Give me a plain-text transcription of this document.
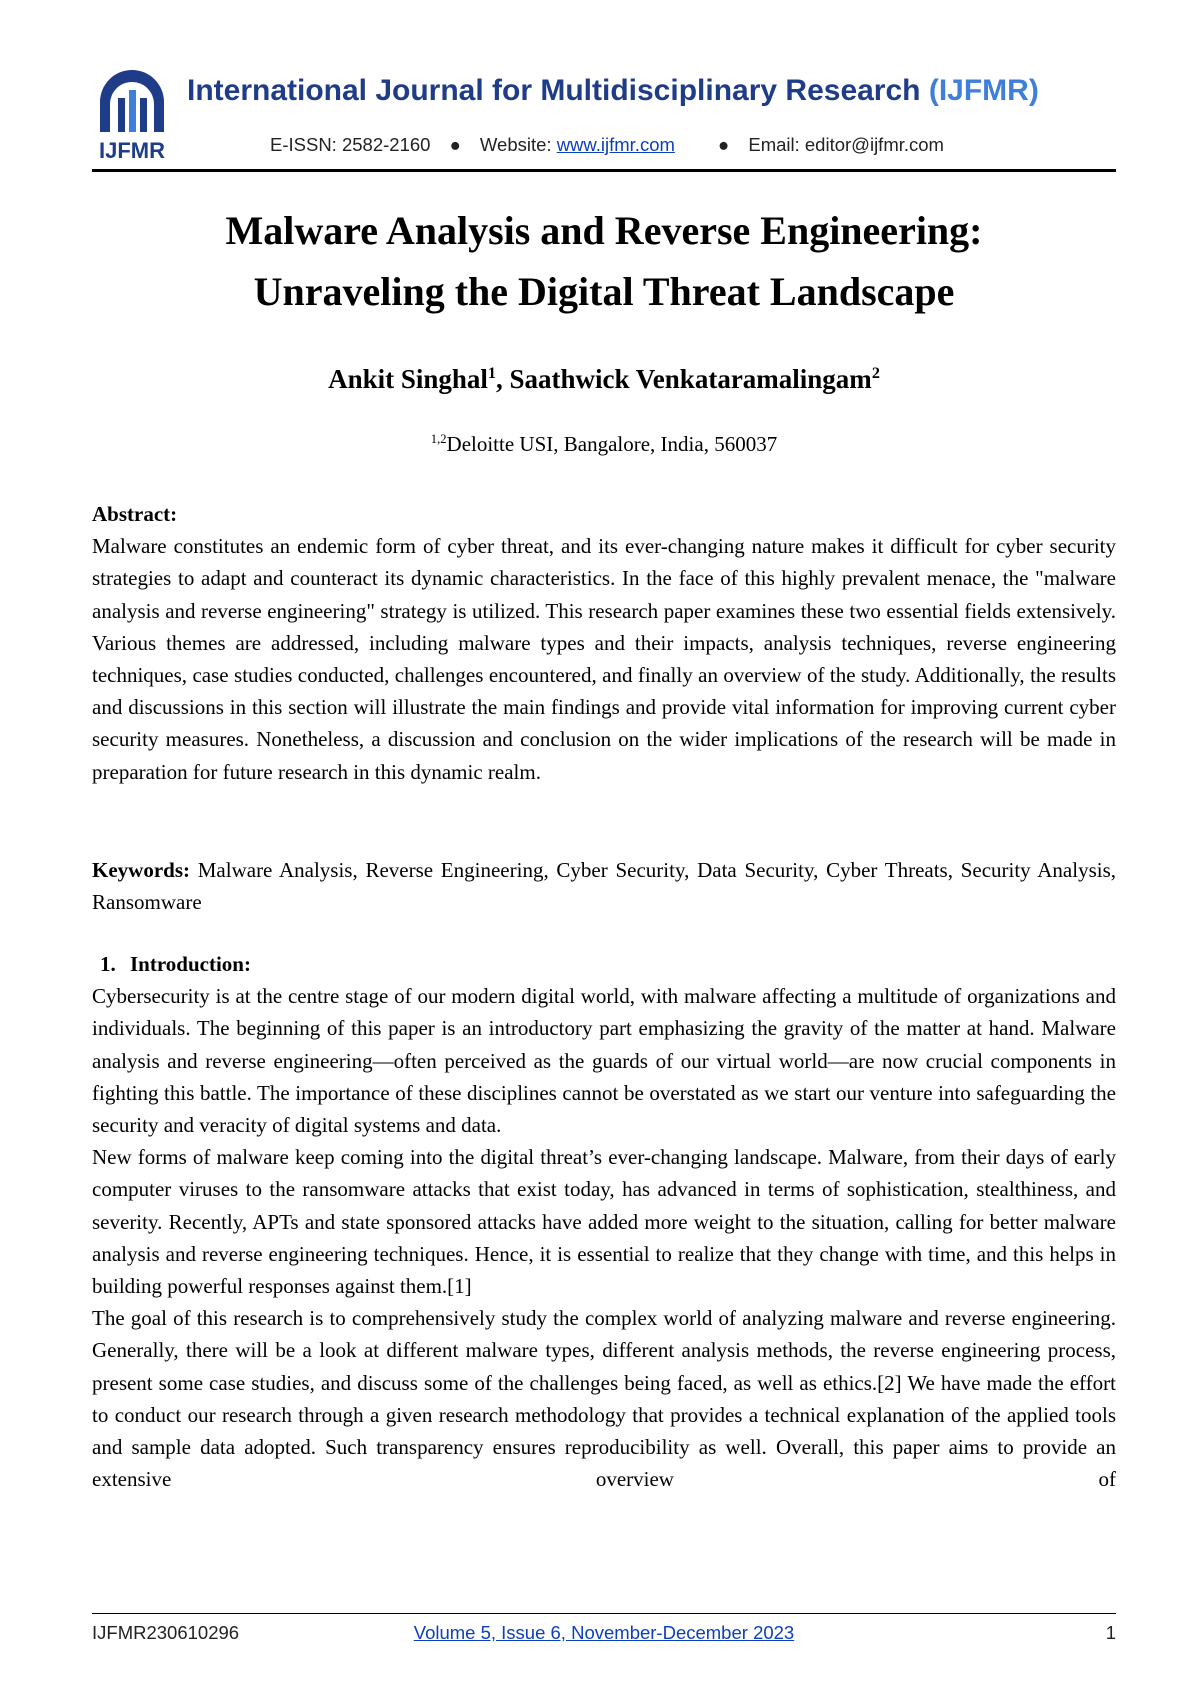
IJFMR
International Journal for Multidisciplinary Research (IJFMR)
E-ISSN: 2582-2160 ● Website: www.ijfmr.com ● Email: editor@ijfmr.com
Malware Analysis and Reverse Engineering:
Unraveling the Digital Threat Landscape
Ankit Singhal$^1$, Saathwick Venkataramalingam$^2$
$^{1,2}$Deloitte USI, Bangalore, India, 560037
Abstract:

Malware constitutes an endemic form of cyber threat, and its ever-changing nature makes it difficult for cyber security strategies to adapt and counteract its dynamic characteristics. In the face of this highly prevalent menace, the "malware analysis and reverse engineering" strategy is utilized. This research paper examines these two essential fields extensively. Various themes are addressed, including malware types and their impacts, analysis techniques, reverse engineering techniques, case studies conducted, challenges encountered, and finally an overview of the study. Additionally, the results and discussions in this section will illustrate the main findings and provide vital information for improving current cyber security measures. Nonetheless, a discussion and conclusion on the wider implications of the research will be made in preparation for future research in this dynamic realm.

Keywords: Malware Analysis, Reverse Engineering, Cyber Security, Data Security, Cyber Threats, Security Analysis, Ransomware

1. Introduction:

Cybersecurity is at the centre stage of our modern digital world, with malware affecting a multitude of organizations and individuals. The beginning of this paper is an introductory part emphasizing the gravity of the matter at hand. Malware analysis and reverse engineering—often perceived as the guards of our virtual world—are now crucial components in fighting this battle. The importance of these disciplines cannot be overstated as we start our venture into safeguarding the security and veracity of digital systems and data.

New forms of malware keep coming into the digital threat’s ever-changing landscape. Malware, from their days of early computer viruses to the ransomware attacks that exist today, has advanced in terms of sophistication, stealthiness, and severity. Recently, APTs and state sponsored attacks have added more weight to the situation, calling for better malware analysis and reverse engineering techniques. Hence, it is essential to realize that they change with time, and this helps in building powerful responses against them.[1]

The goal of this research is to comprehensively study the complex world of analyzing malware and reverse engineering. Generally, there will be a look at different malware types, different analysis methods, the reverse engineering process, present some case studies, and discuss some of the challenges being faced, as well as ethics.[2] We have made the effort to conduct our research through a given research methodology that provides a technical explanation of the applied tools and sample data adopted. Such transparency ensures reproducibility as well. Overall, this paper aims to provide an extensive overview of

IJFMR230610296	Volume 5, Issue 6, November-December 2023	1
